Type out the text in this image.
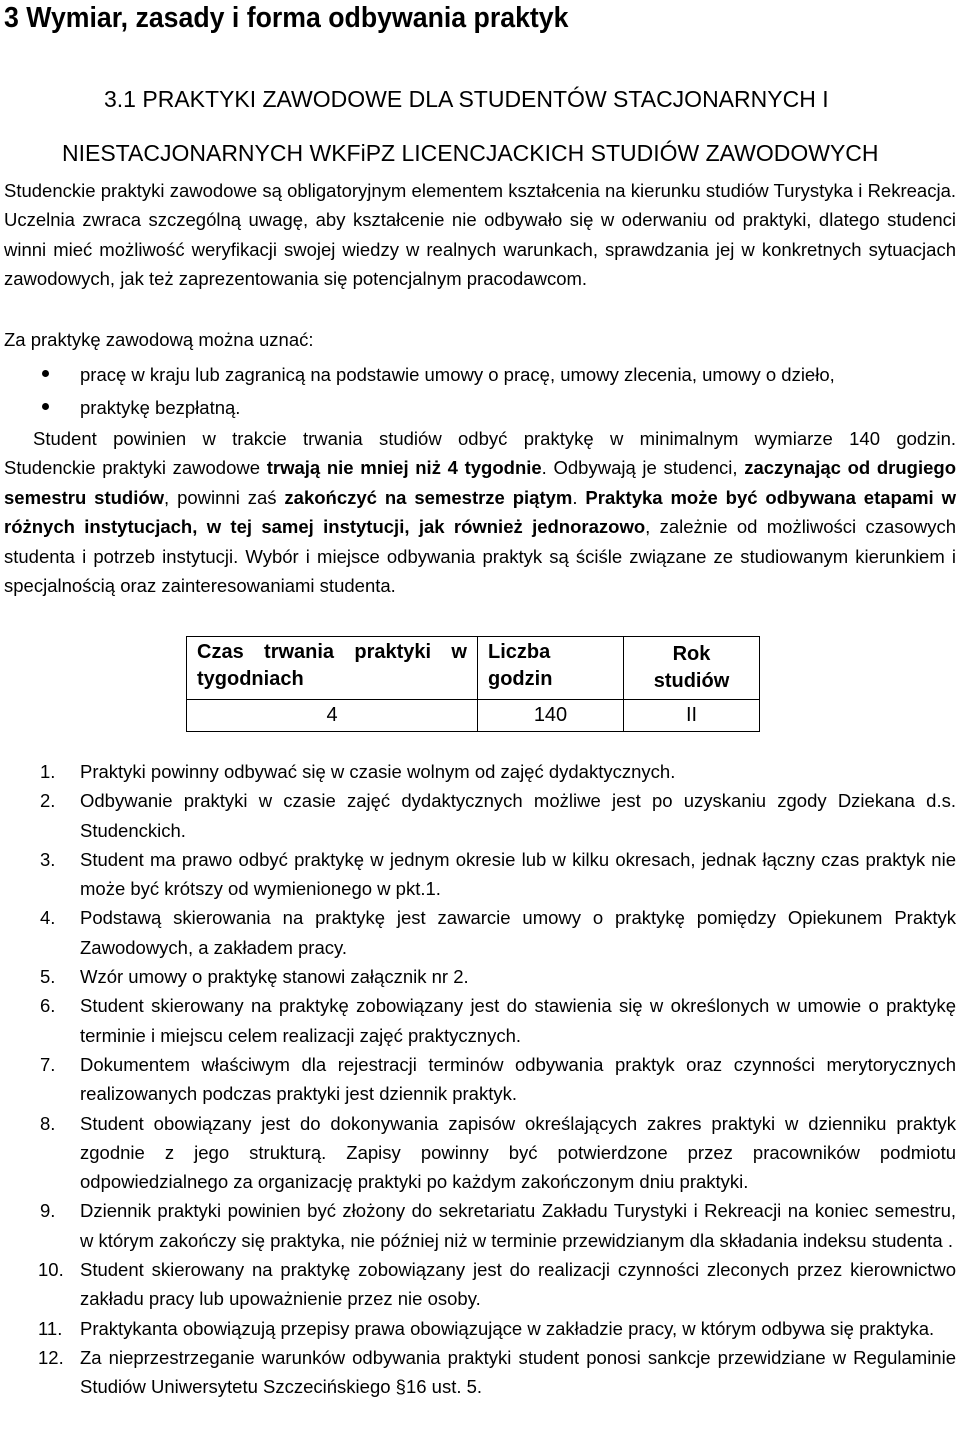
3 Wymiar, zasady i forma odbywania praktyk
3.1 PRAKTYKI ZAWODOWE DLA STUDENTÓW STACJONARNYCH I
NIESTACJONARNYCH WKFiPZ LICENCJACKICH STUDIÓW ZAWODOWYCH

Studenckie praktyki zawodowe są obligatoryjnym elementem kształcenia na kierunku studiów Turystyka i Rekreacja. Uczelnia zwraca szczególną uwagę, aby kształcenie nie odbywało się w oderwaniu od praktyki, dlatego studenci winni mieć możliwość weryfikacji swojej wiedzy w realnych warunkach, sprawdzania jej w konkretnych sytuacjach zawodowych, jak też zaprezentowania się potencjalnym pracodawcom.

Za praktykę zawodową można uznać:

pracę w kraju lub zagranicą na podstawie umowy o pracę, umowy zlecenia, umowy o dzieło,
praktykę bezpłatną.
Student powinien w trakcie trwania studiów odbyć praktykę w minimalnym wymiarze 140 godzin.
Studenckie praktyki zawodowe trwają nie mniej niż 4 tygodnie. Odbywają je studenci, zaczynając od drugiego semestru studiów, powinni zaś zakończyć na semestrze piątym. Praktyka może być odbywana etapami w różnych instytucjach, w tej samej instytucji, jak również jednorazowo, zależnie od możliwości czasowych studenta i potrzeb instytucji. Wybór i miejsce odbywania praktyk są ściśle związane ze studiowanym kierunkiem i specjalnością oraz zainteresowaniami studenta.
Czas trwania praktyki w tygodniach	Liczba godzin	Rok studiów
4	140	II
1.	Praktyki powinny odbywać się w czasie wolnym od zajęć dydaktycznych.
2.	Odbywanie praktyki w czasie zajęć dydaktycznych możliwe jest po uzyskaniu zgody Dziekana d.s. Studenckich.
3.	Student ma prawo odbyć praktykę w jednym okresie lub w kilku okresach, jednak łączny czas praktyk nie może być krótszy od wymienionego w pkt.1.
4.	Podstawą skierowania na praktykę jest zawarcie umowy o praktykę pomiędzy Opiekunem Praktyk Zawodowych, a zakładem pracy.
5.	Wzór umowy o praktykę stanowi załącznik nr 2.
6.	Student skierowany na praktykę zobowiązany jest do stawienia się w określonych w umowie o praktykę terminie i miejscu celem realizacji zajęć praktycznych.
7.	Dokumentem właściwym dla rejestracji terminów odbywania praktyk oraz czynności merytorycznych realizowanych podczas praktyki jest dziennik praktyk.
8.	Student obowiązany jest do dokonywania zapisów określających zakres praktyki w dzienniku praktyk zgodnie z jego strukturą. Zapisy powinny być potwierdzone przez pracowników podmiotu odpowiedzialnego za organizację praktyki po każdym zakończonym dniu praktyki.
9.	Dziennik praktyki powinien być złożony do sekretariatu Zakładu Turystyki i Rekreacji na koniec semestru, w którym zakończy się praktyka, nie później niż w terminie przewidzianym dla składania indeksu studenta .
10. Student skierowany na praktykę zobowiązany jest do realizacji czynności zleconych przez kierownictwo zakładu pracy lub upoważnienie przez nie osoby.
11. Praktykanta obowiązują przepisy prawa obowiązujące w zakładzie pracy, w którym odbywa się praktyka.
12. Za nieprzestrzeganie warunków odbywania praktyki student ponosi sankcje przewidziane w Regulaminie Studiów Uniwersytetu Szczecińskiego §16 ust. 5.
